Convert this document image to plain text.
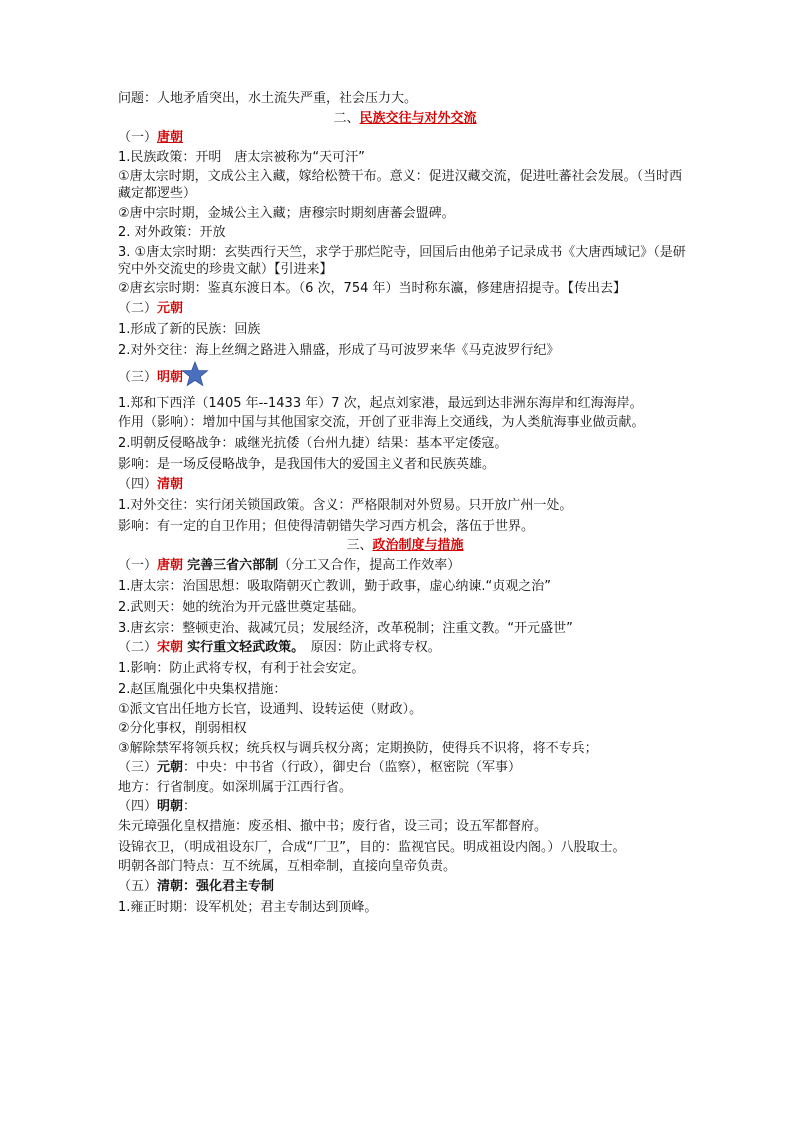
问题：人地矛盾突出，水土流失严重，社会压力大。

二、民族交往与对外交流

（一）唐朝

1.民族政策：开明　唐太宗被称为“天可汗”

①唐太宗时期，文成公主入藏，嫁给松赞干布。意义：促进汉藏交流，促进吐蕃社会发展。（当时西藏定都逻些）

②唐中宗时期，金城公主入藏；唐穆宗时期刻唐蕃会盟碑。

2. 对外政策：开放

3. ①唐太宗时期：玄奘西行天竺，求学于那烂陀寺，回国后由他弟子记录成书《大唐西域记》（是研究中外交流史的珍贵文献）【引进来】

②唐玄宗时期：鉴真东渡日本。（6 次，754 年）当时称东瀛，修建唐招提寺。【传出去】

（二）元朝

1.形成了新的民族：回族

2.对外交往：海上丝绸之路进入鼎盛，形成了马可波罗来华《马克波罗行纪》

（三）明朝

1.郑和下西洋（1405 年--1433 年）7 次，起点刘家港，最远到达非洲东海岸和红海海岸。

作用（影响）：增加中国与其他国家交流，开创了亚非海上交通线，为人类航海事业做贡献。

2.明朝反侵略战争：戚继光抗倭（台州九捷）结果：基本平定倭寇。

影响：是一场反侵略战争，是我国伟大的爱国主义者和民族英雄。

（四）清朝

1.对外交往：实行闭关锁国政策。含义：严格限制对外贸易。只开放广州一处。

影响：有一定的自卫作用；但使得清朝错失学习西方机会，落伍于世界。

三、政治制度与措施

（一）唐朝 完善三省六部制（分工又合作，提高工作效率）

1.唐太宗：治国思想：吸取隋朝灭亡教训，勤于政事，虚心纳谏.“贞观之治”

2.武则天：她的统治为开元盛世奠定基础。

3.唐玄宗：整顿吏治、裁减冗员；发展经济，改革税制；注重文教。“开元盛世”

（二）宋朝 实行重文轻武政策。　原因：防止武将专权。

1.影响：防止武将专权，有利于社会安定。

2.赵匡胤强化中央集权措施：

①派文官出任地方长官，设通判、设转运使（财政）。

②分化事权，削弱相权

③解除禁军将领兵权；统兵权与调兵权分离；定期换防，使得兵不识将，将不专兵；

（三）元朝：中央：中书省（行政），御史台（监察），枢密院（军事）

地方：行省制度。如深圳属于江西行省。

（四）明朝：

朱元璋强化皇权措施：废丞相、撤中书；废行省，设三司；设五军都督府。

设锦衣卫，（明成祖设东厂，合成“厂卫”，目的：监视官民。明成祖设内阁。）八股取士。

明朝各部门特点：互不统属，互相牵制，直接向皇帝负责。

（五）清朝：强化君主专制

1.雍正时期：设军机处；君主专制达到顶峰。
